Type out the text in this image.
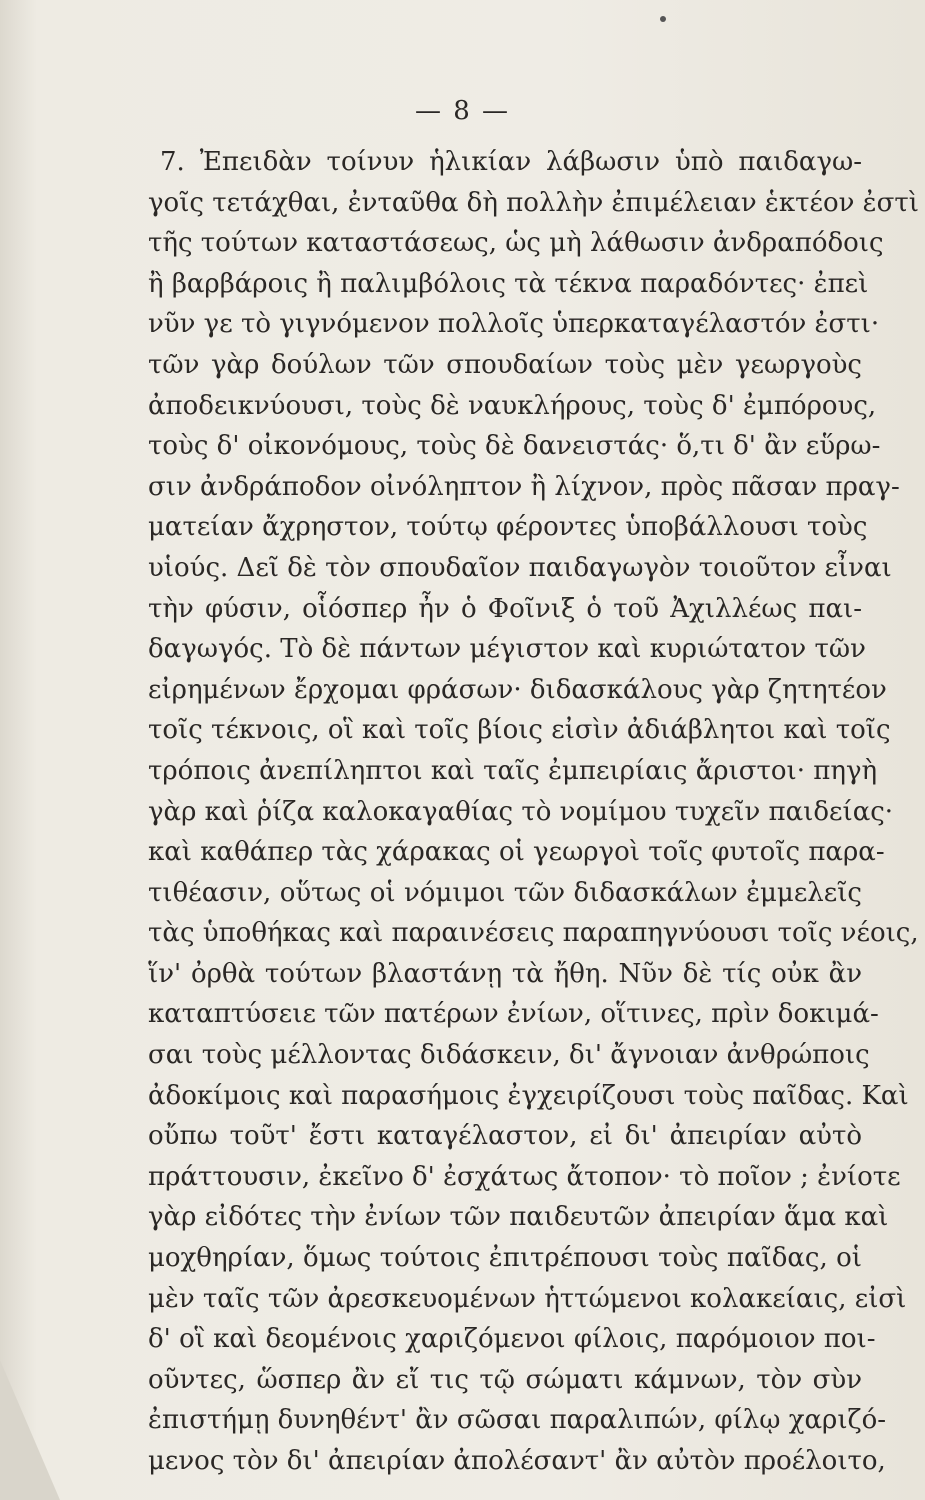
— 8 —
7. Ἐπειδὰν τοίνυν ἡλικίαν λάβωσιν ὑπὸ παιδαγω-
γοῖς τετάχθαι, ἐνταῦθα δὴ πολλὴν ἐπιμέλειαν ἑκτέον ἐστὶ
τῆς τούτων καταστάσεως, ὡς μὴ λάθωσιν ἀνδραπόδοις
ἢ βαρβάροις ἢ παλιμβόλοις τὰ τέκνα παραδόντες· ἐπεὶ
νῦν γε τὸ γιγνόμενον πολλοῖς ὑπερκαταγέλαστόν ἐστι·
τῶν γὰρ δούλων τῶν σπουδαίων τοὺς μὲν γεωργοὺς
ἀποδεικνύουσι, τοὺς δὲ ναυκλήρους, τοὺς δ' ἐμπόρους,
τοὺς δ' οἰκονόμους, τοὺς δὲ δανειστάς· ὅ,τι δ' ἂν εὕρω-
σιν ἀνδράποδον οἰνόληπτον ἢ λίχνον, πρὸς πᾶσαν πραγ-
ματείαν ἄχρηστον, τούτῳ φέροντες ὑποβάλλουσι τοὺς
υἱούς. Δεῖ δὲ τὸν σπουδαῖον παιδαγωγὸν τοιοῦτον εἶναι
τὴν φύσιν, οἷόσπερ ἦν ὁ Φοῖνιξ ὁ τοῦ Ἀχιλλέως παι-
δαγωγός. Τὸ δὲ πάντων μέγιστον καὶ κυριώτατον τῶν
εἰρημένων ἔρχομαι φράσων· διδασκάλους γὰρ ζητητέον
τοῖς τέκνοις, οἳ καὶ τοῖς βίοις εἰσὶν ἀδιάβλητοι καὶ τοῖς
τρόποις ἀνεπίληπτοι καὶ ταῖς ἐμπειρίαις ἄριστοι· πηγὴ
γὰρ καὶ ῥίζα καλοκαγαθίας τὸ νομίμου τυχεῖν παιδείας·
καὶ καθάπερ τὰς χάρακας οἱ γεωργοὶ τοῖς φυτοῖς παρα-
τιθέασιν, οὕτως οἱ νόμιμοι τῶν διδασκάλων ἐμμελεῖς
τὰς ὑποθήκας καὶ παραινέσεις παραπηγνύουσι τοῖς νέοις,
ἵν' ὀρθὰ τούτων βλαστάνῃ τὰ ἤθη. Νῦν δὲ τίς οὐκ ἂν
καταπτύσειε τῶν πατέρων ἐνίων, οἵτινες, πρὶν δοκιμά-
σαι τοὺς μέλλοντας διδάσκειν, δι' ἄγνοιαν ἀνθρώποις
ἀδοκίμοις καὶ παρασήμοις ἐγχειρίζουσι τοὺς παῖδας. Καὶ
οὔπω τοῦτ' ἔστι καταγέλαστον, εἰ δι' ἀπειρίαν αὐτὸ
πράττουσιν, ἐκεῖνο δ' ἐσχάτως ἄτοπον· τὸ ποῖον ; ἐνίοτε
γὰρ εἰδότες τὴν ἐνίων τῶν παιδευτῶν ἀπειρίαν ἅμα καὶ
μοχθηρίαν, ὅμως τούτοις ἐπιτρέπουσι τοὺς παῖδας, οἱ
μὲν ταῖς τῶν ἀρεσκευομένων ἡττώμενοι κολακείαις, εἰσὶ
δ' οἳ καὶ δεομένοις χαριζόμενοι φίλοις, παρόμοιον ποι-
οῦντες, ὥσπερ ἂν εἴ τις τῷ σώματι κάμνων, τὸν σὺν
ἐπιστήμῃ δυνηθέντ' ἂν σῶσαι παραλιπών, φίλῳ χαριζό-
μενος τὸν δι' ἀπειρίαν ἀπολέσαντ' ἂν αὐτὸν προέλοιτο,
